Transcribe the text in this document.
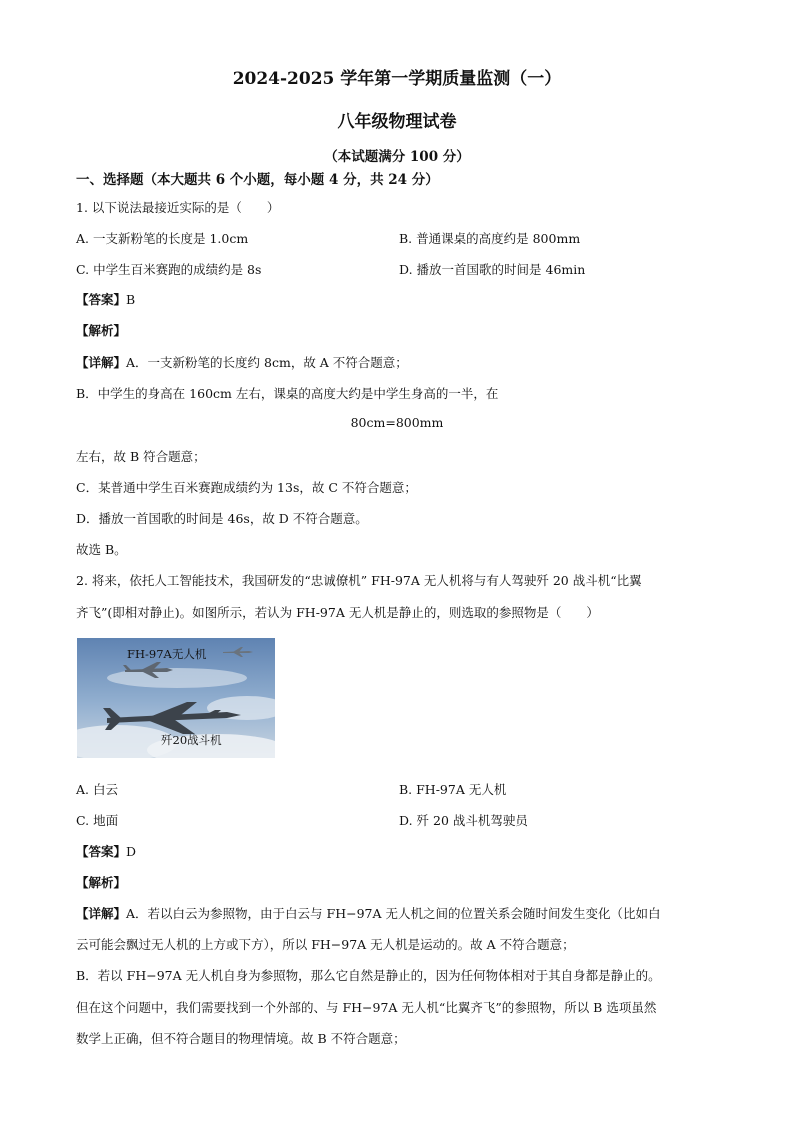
2024-2025 学年第一学期质量监测（一）
八年级物理试卷
（本试题满分 100 分）
一、选择题（本大题共 6 个小题，每小题 4 分，共 24 分）
1. 以下说法最接近实际的是（　　）
A. 一支新粉笔的长度是 1.0cm	B. 普通课桌的高度约是 800mm
C. 中学生百米赛跑的成绩约是 8s	D. 播放一首国歌的时间是 46min
【答案】B
【解析】
【详解】A．一支新粉笔的长度约 8cm，故 A 不符合题意；
B．中学生的身高在 160cm 左右，课桌的高度大约是中学生身高的一半，在
80cm=800mm
左右，故 B 符合题意；
C．某普通中学生百米赛跑成绩约为 13s，故 C 不符合题意；
D．播放一首国歌的时间是 46s，故 D 不符合题意。
故选 B。
2. 将来，依托人工智能技术，我国研发的“忠诚僚机” FH-97A 无人机将与有人驾驶歼 20 战斗机“比翼
齐飞”(即相对静止)。如图所示，若认为 FH-97A 无人机是静止的，则选取的参照物是（　　）
FH-97A无人机
歼20战斗机
A. 白云	B. FH-97A 无人机
C. 地面	D. 歼 20 战斗机驾驶员
【答案】D
【解析】
【详解】A．若以白云为参照物，由于白云与 FH−97A 无人机之间的位置关系会随时间发生变化（比如白
云可能会飘过无人机的上方或下方），所以 FH−97A 无人机是运动的。故 A 不符合题意；
B．若以 FH−97A 无人机自身为参照物，那么它自然是静止的，因为任何物体相对于其自身都是静止的。
但在这个问题中，我们需要找到一个外部的、与 FH−97A 无人机“比翼齐飞”的参照物，所以 B 选项虽然
数学上正确，但不符合题目的物理情境。故 B 不符合题意；
